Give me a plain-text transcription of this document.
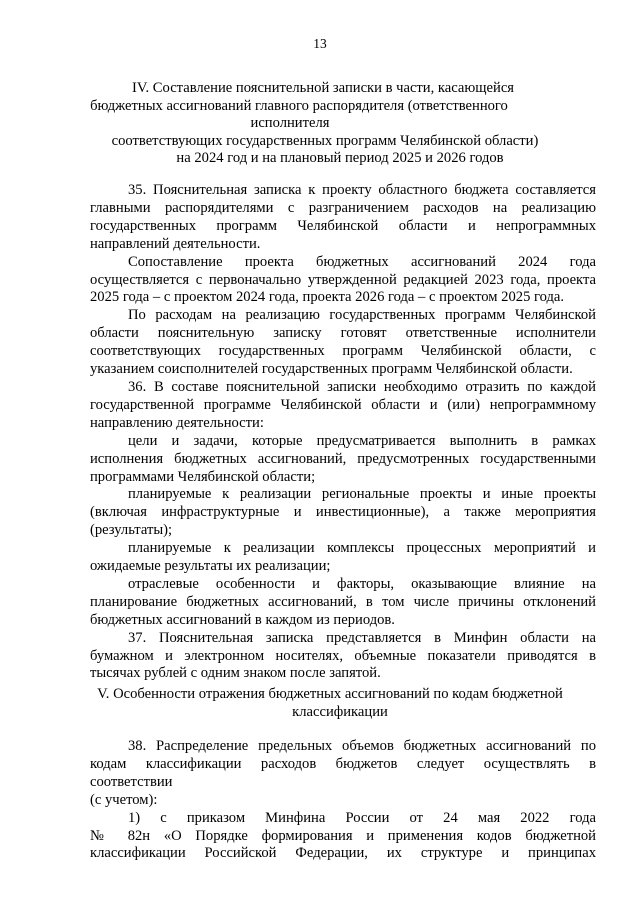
13
IV. Составление пояснительной записки в части, касающейся
бюджетных ассигнований главного распорядителя (ответственного
исполнителя
соответствующих государственных программ Челябинской области)
на 2024 год и на плановый период 2025 и 2026 годов

35. Пояснительная записка к проекту областного бюджета составляется
главными распорядителями с разграничением расходов на реализацию
государственных программ Челябинской области и непрограммных
направлений деятельности.

Сопоставление проекта бюджетных ассигнований 2024 года
осуществляется с первоначально утвержденной редакцией 2023 года, проекта
2025 года – с проектом 2024 года, проекта 2026 года – с проектом 2025 года.

По расходам на реализацию государственных программ Челябинской
области пояснительную записку готовят ответственные исполнители
соответствующих государственных программ Челябинской области, с
указанием соисполнителей государственных программ Челябинской области.

36. В составе пояснительной записки необходимо отразить по каждой
государственной программе Челябинской области и (или) непрограммному
направлению деятельности:

цели и задачи, которые предусматривается выполнить в рамках
исполнения бюджетных ассигнований, предусмотренных государственными
программами Челябинской области;

планируемые к реализации региональные проекты и иные проекты
(включая инфраструктурные и инвестиционные), а также мероприятия
(результаты);

планируемые к реализации комплексы процессных мероприятий и
ожидаемые результаты их реализации;

отраслевые особенности и факторы, оказывающие влияние на
планирование бюджетных ассигнований, в том числе причины отклонений
бюджетных ассигнований в каждом из периодов.

37. Пояснительная записка представляется в Минфин области на
бумажном и электронном носителях, объемные показатели приводятся в
тысячах рублей с одним знаком после запятой.

V. Особенности отражения бюджетных ассигнований по кодам бюджетной
классификации

38. Распределение предельных объемов бюджетных ассигнований по
кодам классификации расходов бюджетов следует осуществлять в
соответствии

(с учетом):

1) с приказом Минфина России от 24 мая 2022 года
№ 82н «О Порядке формирования и применения кодов бюджетной
классификации Российской Федерации, их структуре и принципах
